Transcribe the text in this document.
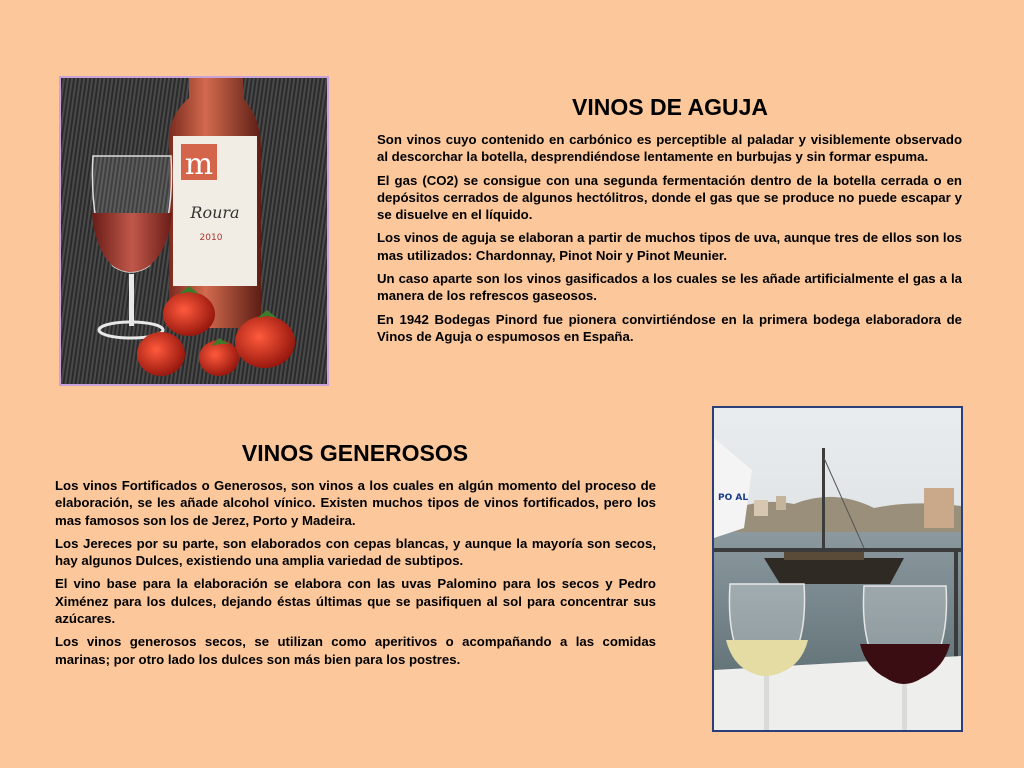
m
Roura
2010
VINOS DE AGUJA

Son vinos cuyo contenido en carbónico es perceptible al paladar y visiblemente observado al descorchar la botella, desprendiéndose lentamente en burbujas y sin formar espuma.

El gas (CO2) se consigue con una segunda fermentación dentro de la botella cerrada o en depósitos cerrados de algunos hectólitros, donde el gas que se produce no puede escapar y se disuelve en el líquido.

Los vinos de aguja se elaboran a partir de muchos tipos de uva, aunque tres de ellos son los mas utilizados: Chardonnay, Pinot Noir y Pinot Meunier.

Un caso aparte son los vinos gasificados a los cuales se les añade artificialmente el gas a la manera de los refrescos gaseosos.

En 1942 Bodegas Pinord fue pionera convirtiéndose en la primera bodega elaboradora de Vinos de Aguja o espumosos en España.

VINOS GENEROSOS

Los vinos Fortificados o Generosos, son vinos a los cuales en algún momento del proceso de elaboración, se les añade alcohol vínico. Existen muchos tipos de vinos fortificados, pero los mas famosos son los de Jerez, Porto y Madeira.

Los Jereces por su parte, son elaborados con cepas blancas, y aunque la mayoría son secos, hay algunos Dulces, existiendo una amplia variedad de subtipos.

El vino base para la elaboración se elabora con las uvas Palomino para los secos y Pedro Ximénez para los dulces, dejando éstas últimas que se pasifiquen al sol para concentrar sus azúcares.

Los vinos generosos secos, se utilizan como aperitivos o acompañando a las comidas marinas; por otro lado los dulces son más bien para los postres.

PO AL
